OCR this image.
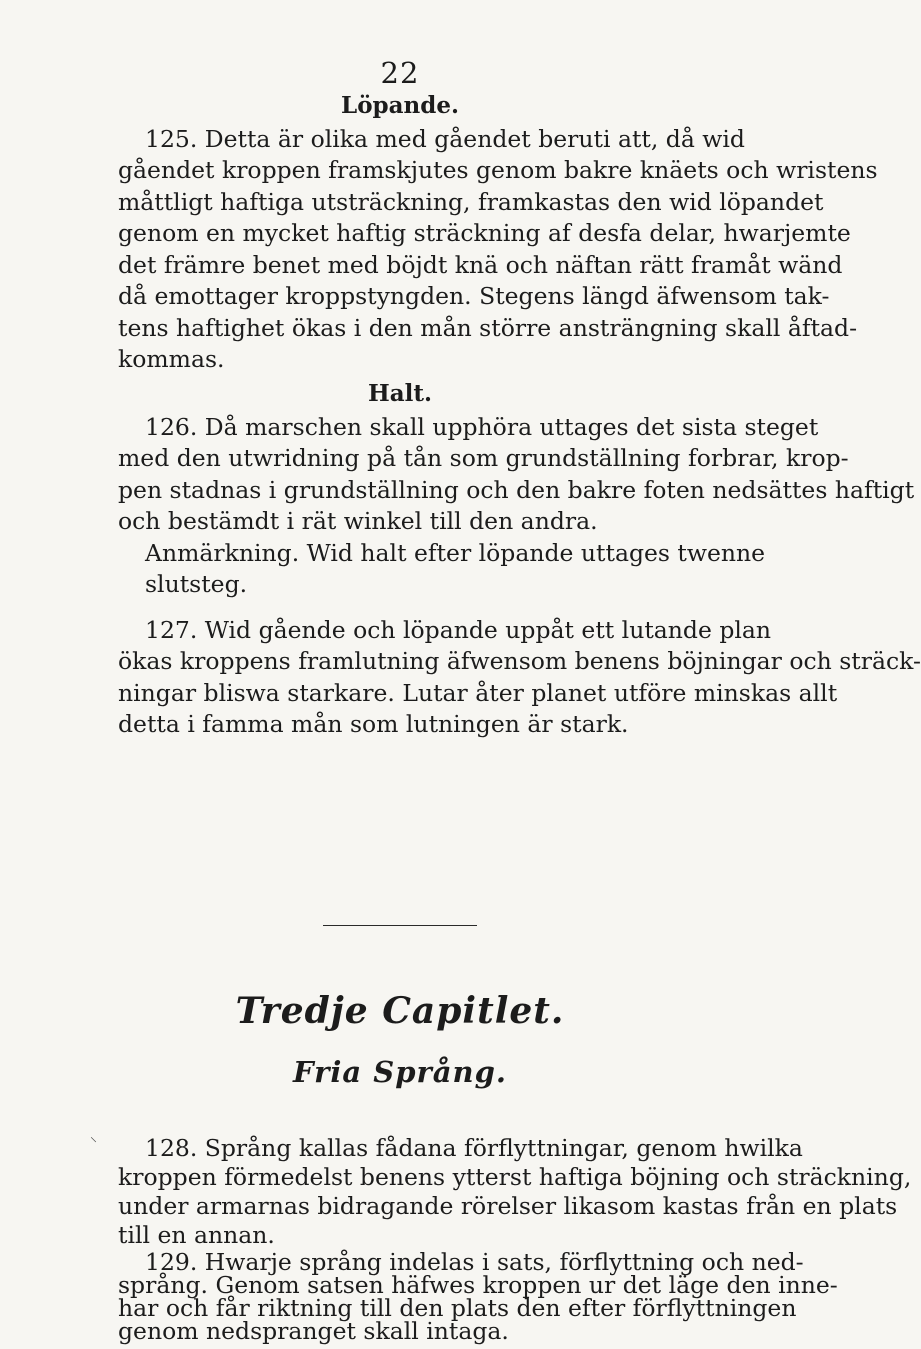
22
Löpande.
125. Detta är olika med gåendet beruti att, då wid
gåendet kroppen framskjutes genom bakre knäets och wristens
måttligt haftiga utsträckning, framkastas den wid löpandet
genom en mycket haftig sträckning af desfa delar, hwarjemte
det främre benet med böjdt knä och näftan rätt framåt wänd
då emottager kroppstyngden. Stegens längd äfwensom tak-
tens haftighet ökas i den mån större ansträngning skall åftad-
kommas.
Halt.
126. Då marschen skall upphöra uttages det sista steget
med den utwridning på tån som grundställning forbrar, krop-
pen stadnas i grundställning och den bakre foten nedsättes haftigt
och bestämdt i rät winkel till den andra.
Anmärkning. Wid halt efter löpande uttages twenne
slutsteg.
127. Wid gående och löpande uppåt ett lutande plan
ökas kroppens framlutning äfwensom benens böjningar och sträck-
ningar bliswa starkare. Lutar åter planet utföre minskas allt
detta i famma mån som lutningen är stark.
Tredje Capitlet.
Fria Språng.
⸌ 128. Språng kallas fådana förflyttningar, genom hwilka
kroppen förmedelst benens ytterst haftiga böjning och sträckning,
under armarnas bidragande rörelser likasom kastas från en plats
till en annan.
129. Hwarje språng indelas i sats, förflyttning och ned-
språng. Genom satsen häfwes kroppen ur det läge den inne-
har och får riktning till den plats den efter förflyttningen
genom nedspranget skall intaga.
